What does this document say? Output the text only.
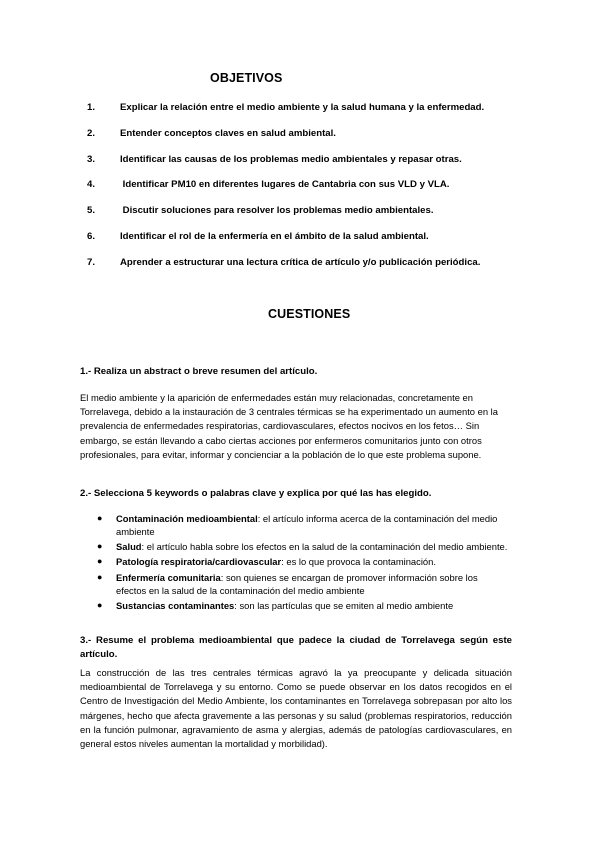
OBJETIVOS
1.	Explicar la relación entre el medio ambiente y la salud humana y la enfermedad.
2.	Entender conceptos claves en salud ambiental.
3.	Identificar las causas de los problemas medio ambientales y repasar otras.
4.	Identificar PM10 en diferentes lugares de Cantabria con sus VLD y VLA.
5.	Discutir soluciones para resolver los problemas medio ambientales.
6.	Identificar el rol de la enfermería en el ámbito de la salud ambiental.
7.	Aprender a estructurar una lectura crítica de artículo y/o publicación periódica.
CUESTIONES
1.- Realiza un abstract o breve resumen del artículo.
El medio ambiente y la aparición de enfermedades están muy relacionadas, concretamente en Torrelavega, debido a la instauración de 3 centrales térmicas se ha experimentado un aumento en la prevalencia de enfermedades respiratorias, cardiovasculares, efectos nocivos en los fetos… Sin embargo, se están llevando a cabo ciertas acciones por enfermeros comunitarios junto con otros profesionales, para evitar, informar y concienciar a la población de lo que este problema supone.
2.- Selecciona 5 keywords o palabras clave y explica por qué las has elegido.
● Contaminación medioambiental: el artículo informa acerca de la contaminación del medio ambiente
● Salud: el artículo habla sobre los efectos en la salud de la contaminación del medio ambiente.
● Patología respiratoria/cardiovascular: es lo que provoca la contaminación.
● Enfermería comunitaria: son quienes se encargan de promover información sobre los efectos en la salud de la contaminación del medio ambiente
● Sustancias contaminantes: son las partículas que se emiten al medio ambiente
3.- Resume el problema medioambiental que padece la ciudad de Torrelavega según este artículo.
La construcción de las tres centrales térmicas agravó la ya preocupante y delicada situación medioambiental de Torrelavega y su entorno. Como se puede observar en los datos recogidos en el Centro de Investigación del Medio Ambiente, los contaminantes en Torrelavega sobrepasan por alto los márgenes, hecho que afecta gravemente a las personas y su salud (problemas respiratorios, reducción en la función pulmonar, agravamiento de asma y alergias, además de patologías cardiovasculares, en general estos niveles aumentan la mortalidad y morbilidad).
